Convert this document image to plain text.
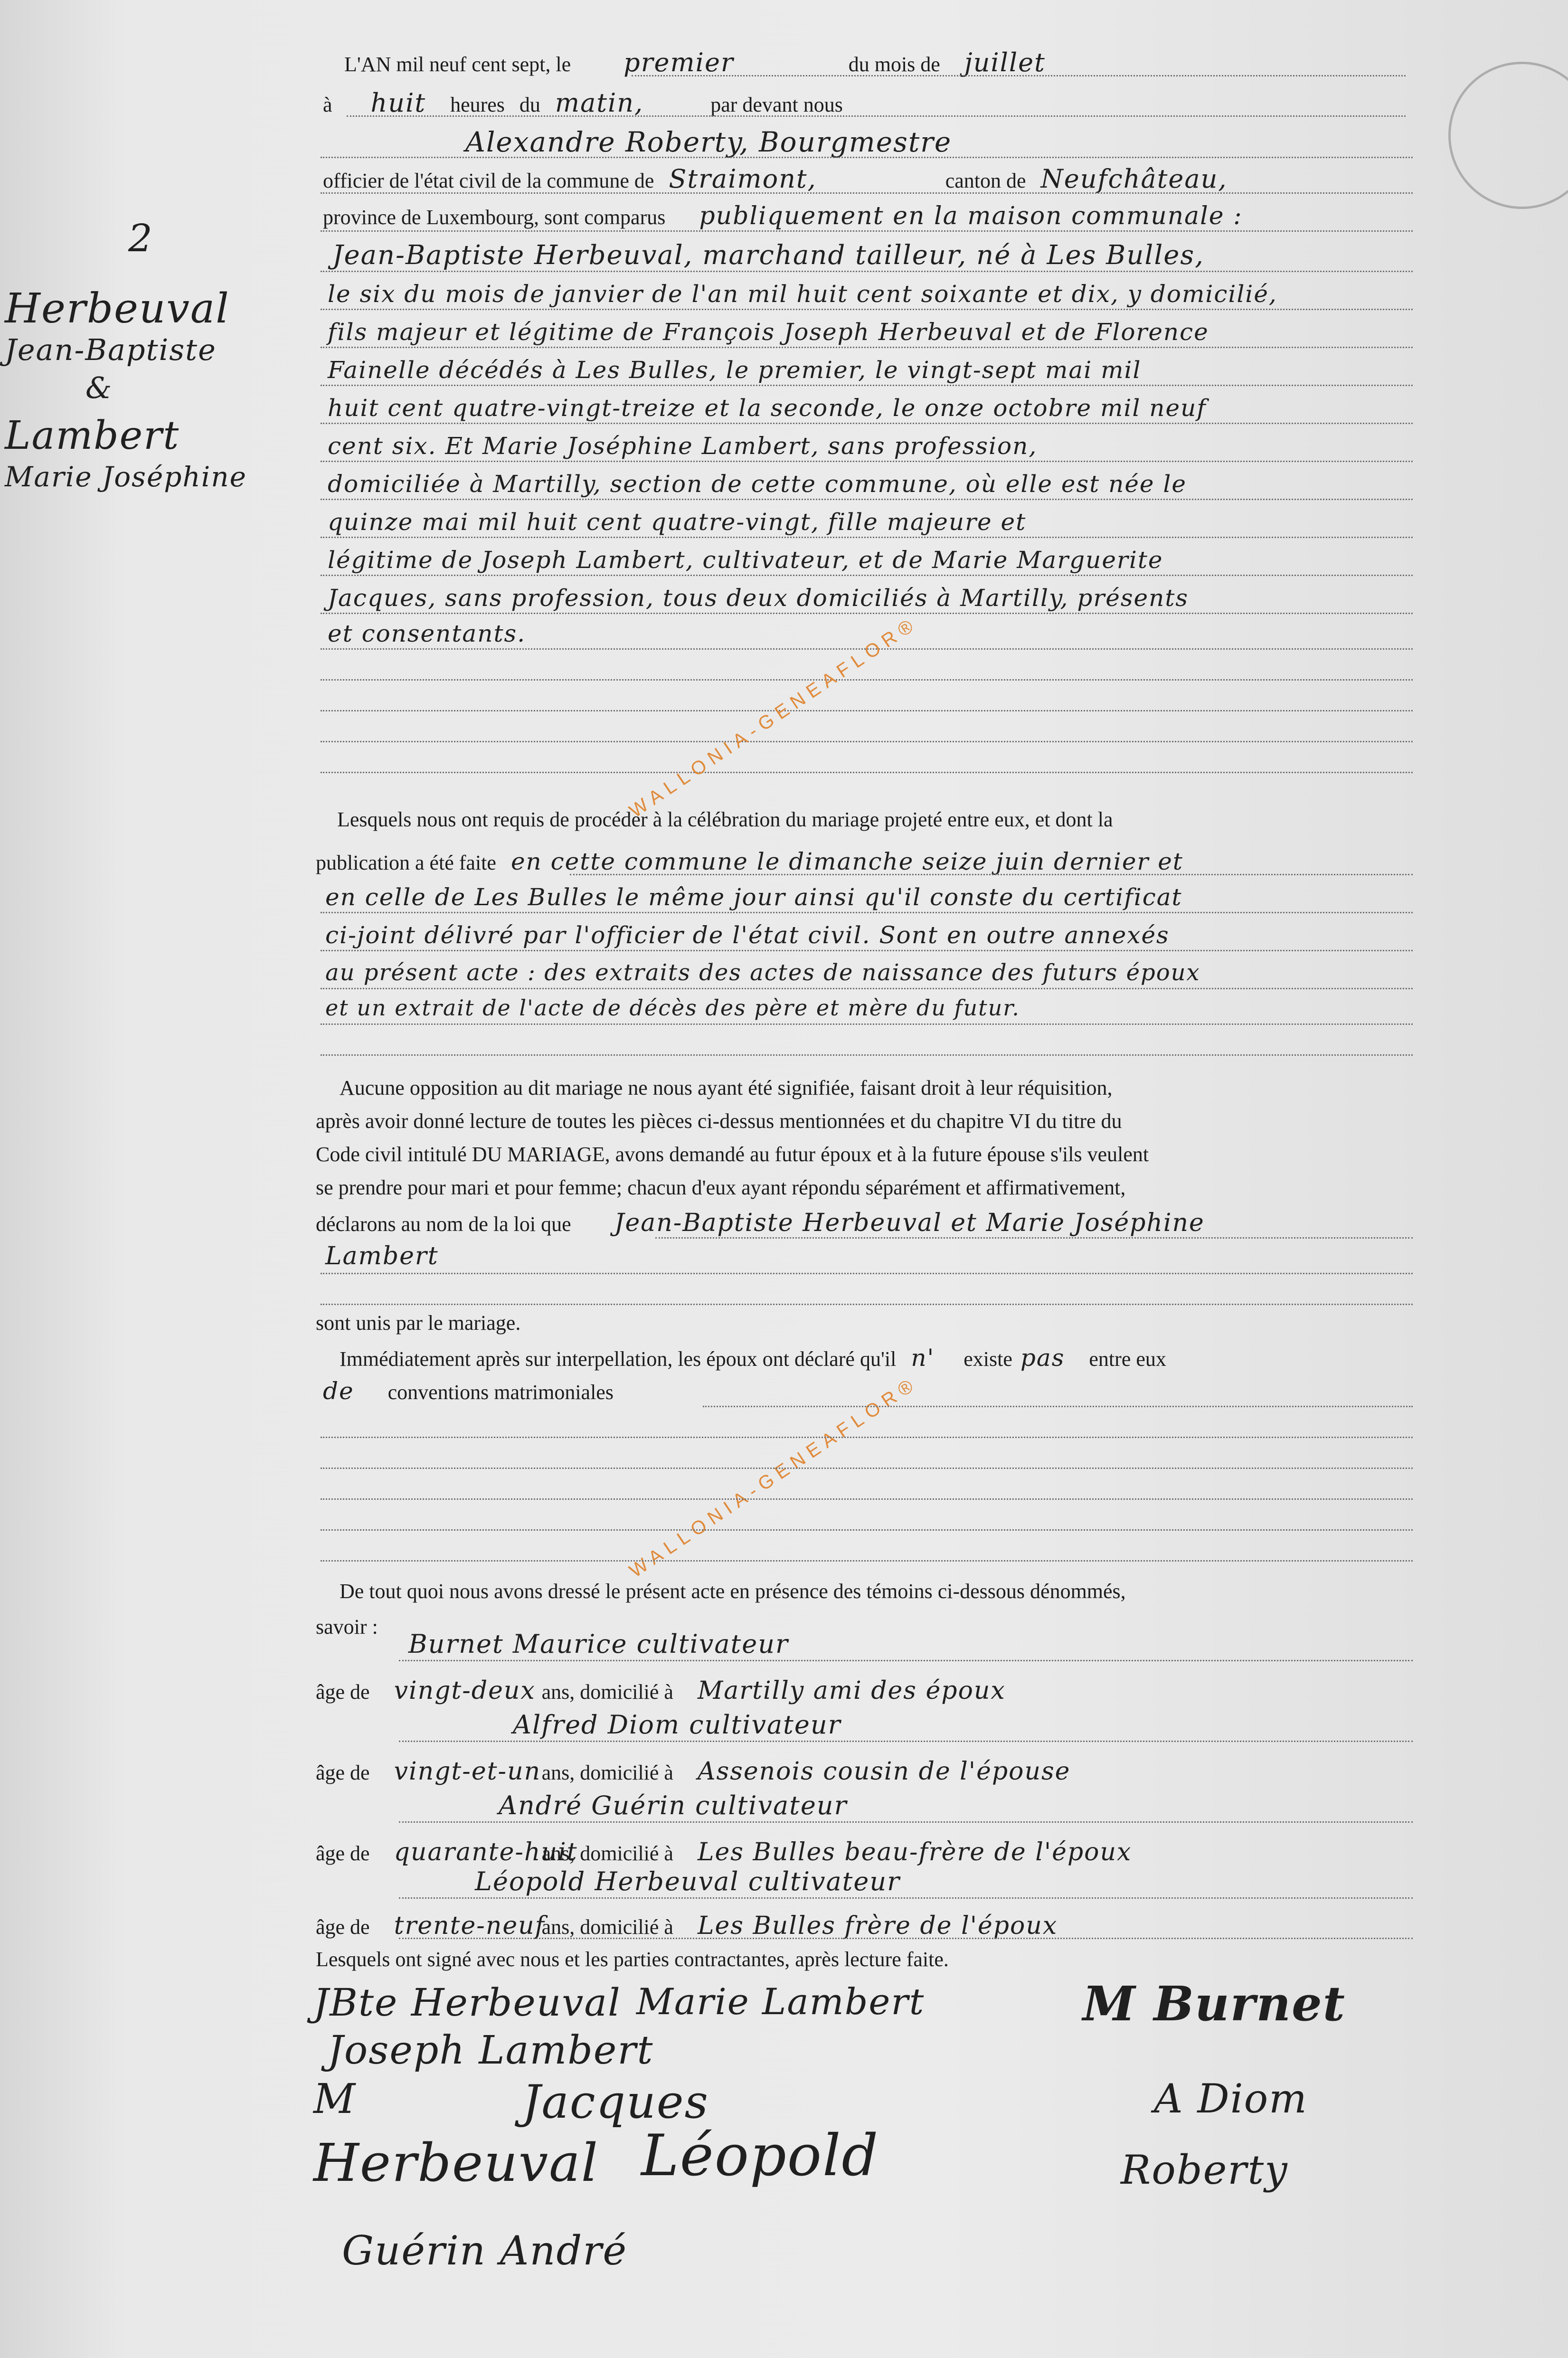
2
Herbeuval
Jean-Baptiste
&
Lambert
Marie Joséphine
L'AN mil neuf cent sept, le premier	du mois de juillet
à huit heures du matin,	par devant nous
Alexandre Roberty, Bourgmestre
officier de l'état civil de la commune de Straimont,	canton de Neufchâteau,
province de Luxembourg, sont comparus publiquement en la maison communale :
Jean-Baptiste Herbeuval, marchand tailleur, né à Les Bulles,
le six du mois de janvier de l'an mil huit cent soixante et dix, y domicilié,
fils majeur et légitime de François Joseph Herbeuval et de Florence
Fainelle décédés à Les Bulles, le premier, le vingt-sept mai mil
huit cent quatre-vingt-treize et la seconde, le onze octobre mil neuf
cent six. Et Marie Joséphine Lambert, sans profession,
domiciliée à Martilly, section de cette commune, où elle est née le
quinze mai mil huit cent quatre-vingt, fille majeure et
légitime de Joseph Lambert, cultivateur, et de Marie Marguerite
Jacques, sans profession, tous deux domiciliés à Martilly, présents
et consentants.	WALLONIA-GENEAFLOR®
WALLONIA-GENEAFLOR®
Lesquels nous ont requis de procéder à la célébration du mariage projeté entre eux, et dont la
publication a été faite en cette commune le dimanche seize juin dernier et
en celle de Les Bulles le même jour ainsi qu'il conste du certificat
ci-joint délivré par l'officier de l'état civil. Sont en outre annexés
au présent acte : des extraits des actes de naissance des futurs époux
et un extrait de l'acte de décès des père et mère du futur.
Aucune opposition au dit mariage ne nous ayant été signifiée, faisant droit à leur réquisition,
après avoir donné lecture de toutes les pièces ci-dessus mentionnées et du chapitre VI du titre du
Code civil intitulé DU MARIAGE, avons demandé au futur époux et à la future épouse s'ils veulent
se prendre pour mari et pour femme; chacun d'eux ayant répondu séparément et affirmativement,
déclarons au nom de la loi que Jean-Baptiste Herbeuval et Marie Joséphine
Lambert
sont unis par le mariage.
Immédiatement après sur interpellation, les époux ont déclaré qu'il n' existe pas entre eux
de conventions matrimoniales
De tout quoi nous avons dressé le présent acte en présence des témoins ci-dessous dénommés,
savoir :
Burnet Maurice cultivateur
âge de vingt-deux ans, domicilié à Martilly ami des époux
Alfred Diom cultivateur
âge de vingt-et-un ans, domicilié à Assenois cousin de l'épouse
André Guérin cultivateur
âge de quarante-huit ans, domicilié à Les Bulles beau-frère de l'époux
Léopold Herbeuval cultivateur
âge de trente-neuf ans, domicilié à Les Bulles frère de l'époux
Lesquels ont signé avec nous et les parties contractantes, après lecture faite.
JBte Herbeuval Marie Lambert	M Burnet
Joseph Lambert
M	Jacques	A Diom
Herbeuval Léopold	Roberty
Guérin André
